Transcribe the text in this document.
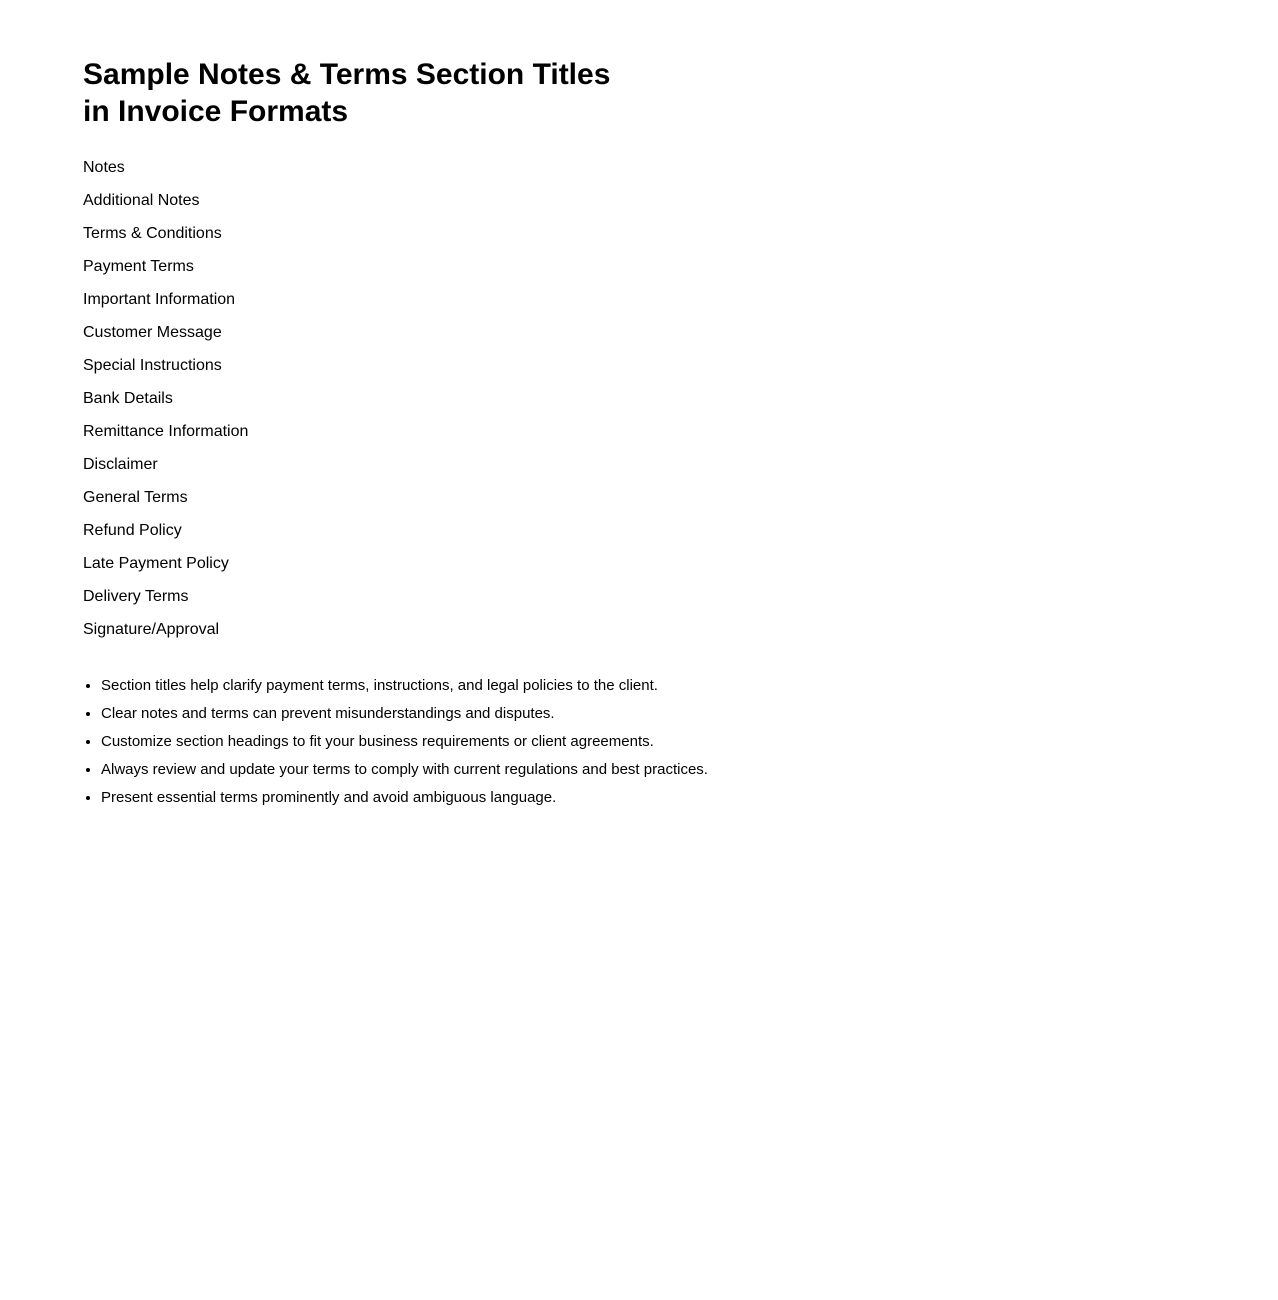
Sample Notes & Terms Section Titles
in Invoice Formats
Notes
Additional Notes
Terms & Conditions
Payment Terms
Important Information
Customer Message
Special Instructions
Bank Details
Remittance Information
Disclaimer
General Terms
Refund Policy
Late Payment Policy
Delivery Terms
Signature/Approval
• Section titles help clarify payment terms, instructions, and legal policies to the client.
• Clear notes and terms can prevent misunderstandings and disputes.
• Customize section headings to fit your business requirements or client agreements.
• Always review and update your terms to comply with current regulations and best practices.
• Present essential terms prominently and avoid ambiguous language.
